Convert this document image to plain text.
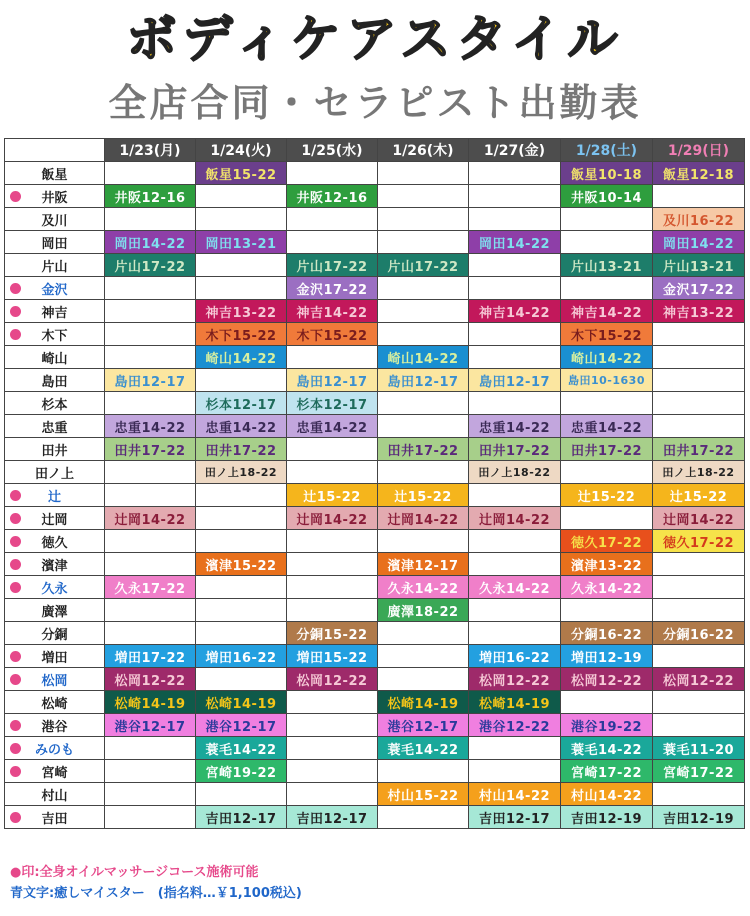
ボディケアスタイル
全店合同・セラピスト出勤表
	1/23(月)	1/24(火)	1/25(水)	1/26(木)	1/27(金)	1/28(土)	1/29(日)
飯星		飯星15-22				飯星10-18	飯星12-18

井阪	井阪12-16		井阪12-16			井阪10-14	
及川							及川16-22
岡田	岡田14-22	岡田13-21			岡田14-22		岡田14-22
片山	片山17-22		片山17-22	片山17-22		片山13-21	片山13-21

金沢			金沢17-22				金沢17-22

神吉		神吉13-22	神吉14-22		神吉14-22	神吉14-22	神吉13-22

木下		木下15-22	木下15-22			木下15-22	
崎山		崎山14-22		崎山14-22		崎山14-22	
島田	島田12-17		島田12-17	島田12-17	島田12-17	島田10-1630	
杉本		杉本12-17	杉本12-17				
忠重	忠重14-22	忠重14-22	忠重14-22		忠重14-22	忠重14-22	
田井	田井17-22	田井17-22		田井17-22	田井17-22	田井17-22	田井17-22
田ノ上		田ノ上18-22			田ノ上18-22		田ノ上18-22

辻			辻15-22	辻15-22		辻15-22	辻15-22

辻岡	辻岡14-22		辻岡14-22	辻岡14-22	辻岡14-22		辻岡14-22

徳久						徳久17-22	徳久17-22

濱津		濱津15-22		濱津12-17		濱津13-22	

久永	久永17-22			久永14-22	久永14-22	久永14-22	
廣澤				廣澤18-22			
分銅			分銅15-22			分銅16-22	分銅16-22

増田	増田17-22	増田16-22	増田15-22		増田16-22	増田12-19	

松岡	松岡12-22		松岡12-22		松岡12-22	松岡12-22	松岡12-22
松崎	松崎14-19	松崎14-19		松崎14-19	松崎14-19		

港谷	港谷12-17	港谷12-17		港谷12-17	港谷12-22	港谷19-22	

みのも		蓑毛14-22		蓑毛14-22		蓑毛14-22	蓑毛11-20

宮崎		宮崎19-22				宮崎17-22	宮崎17-22
村山				村山15-22	村山14-22	村山14-22	

吉田		吉田12-17	吉田12-17		吉田12-17	吉田12-19	吉田12-19
●印:全身オイルマッサージコース施術可能
青文字:癒しマイスター　(指名料…￥1,100税込)
